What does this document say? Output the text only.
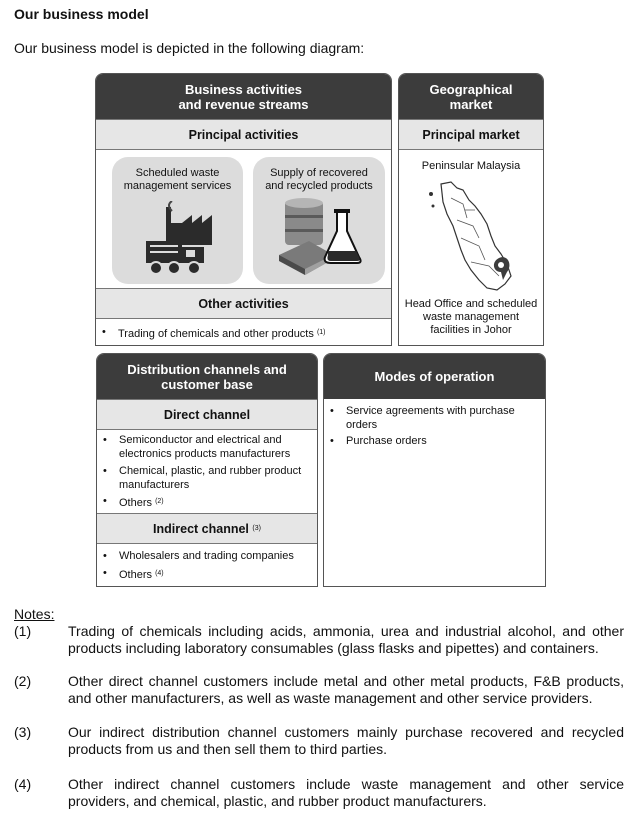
Our business model
Our business model is depicted in the following diagram:
Business activities
and revenue streams
Principal activities
Scheduled waste
management services
Supply of recovered
and recycled products
Other activities
• Trading of chemicals and other products $^{(1)}$
Geographical
market
Principal market
Peninsular Malaysia
Head Office and scheduled
waste management
facilities in Johor
Distribution channels and
customer base
Direct channel
• Semiconductor and electrical and
electronics products manufacturers
• Chemical, plastic, and rubber product
manufacturers
• Others $^{(2)}$
Indirect channel
(3)
• Wholesalers and trading companies
• Others $^{(4)}$
Modes of operation
• Service agreements with purchase
orders
• Purchase orders
Notes:
(1)	Trading of chemicals including acids, ammonia, urea and industrial alcohol, and other products including laboratory consumables (glass flasks and pipettes) and containers.
(2)	Other direct channel customers include metal and other metal products, F&B products, and other manufacturers, as well as waste management and other service providers.
(3)	Our indirect distribution channel customers mainly purchase recovered and recycled products from us and then sell them to third parties.
(4)	Other indirect channel customers include waste management and other service providers, and chemical, plastic, and rubber product manufacturers.
